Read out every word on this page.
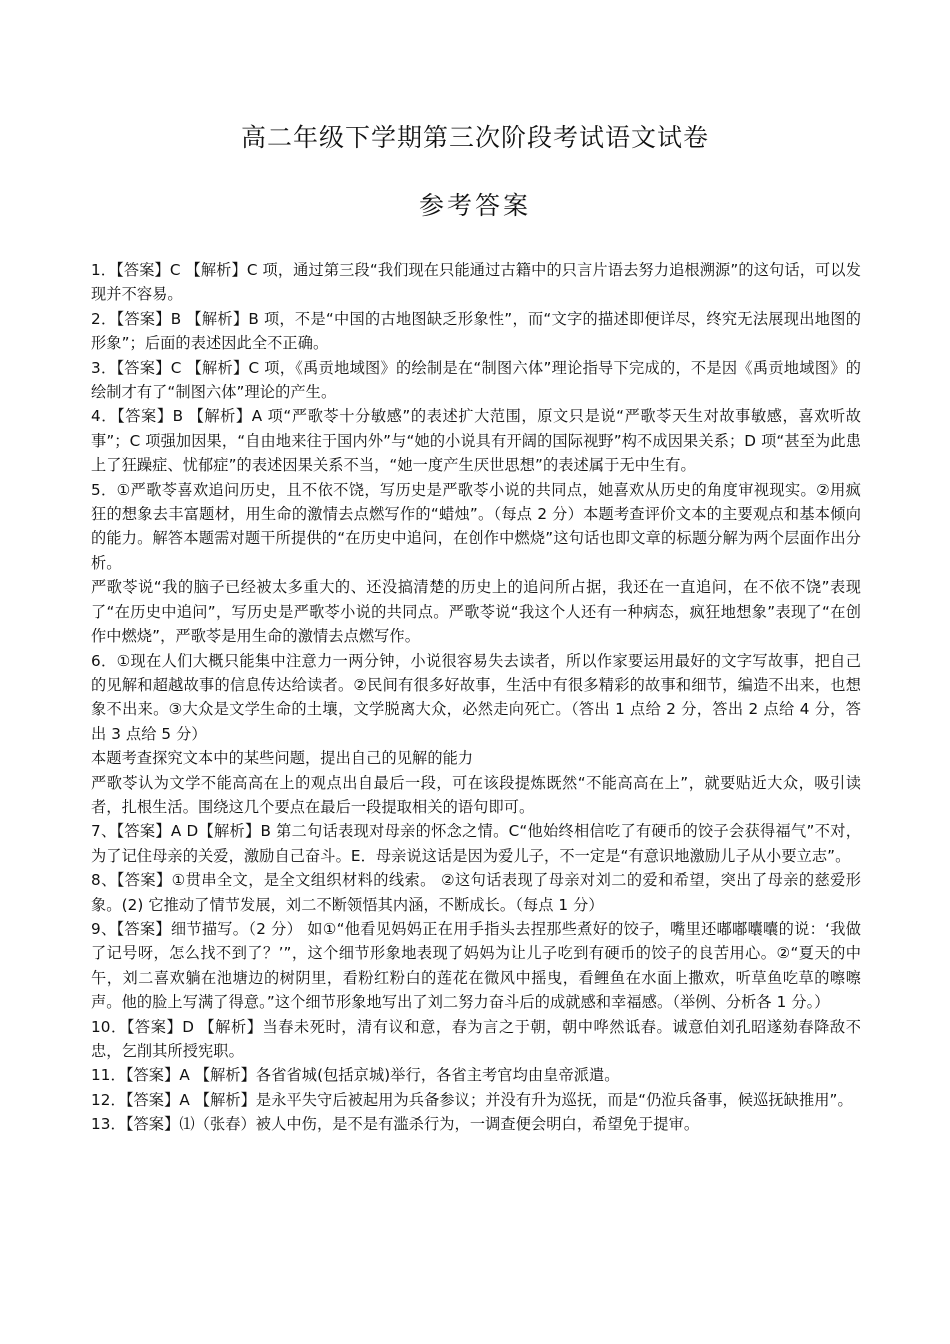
高二年级下学期第三次阶段考试语文试卷
参考答案

1．【答案】C 【解析】C 项，通过第三段“我们现在只能通过古籍中的只言片语去努力追根溯源”的这句话，可以发现并不容易。

2．【答案】B 【解析】B 项，不是“中国的古地图缺乏形象性”，而“文字的描述即便详尽，终究无法展现出地图的形象”；后面的表述因此全不正确。

3．【答案】C 【解析】C 项，《禹贡地域图》的绘制是在“制图六体”理论指导下完成的，不是因《禹贡地域图》的绘制才有了“制图六体”理论的产生。

4．【答案】B 【解析】A 项“严歌苓十分敏感”的表述扩大范围，原文只是说“严歌苓天生对故事敏感，喜欢听故事”；C 项强加因果，“自由地来往于国内外”与“她的小说具有开阔的国际视野”构不成因果关系；D 项“甚至为此患上了狂躁症、忧郁症”的表述因果关系不当，“她一度产生厌世思想”的表述属于无中生有。

5．①严歌苓喜欢追问历史，且不依不饶，写历史是严歌苓小说的共同点，她喜欢从历史的角度审视现实。②用疯狂的想象去丰富题材，用生命的激情去点燃写作的“蜡烛”。（每点 2 分）本题考查评价文本的主要观点和基本倾向的能力。解答本题需对题干所提供的“在历史中追问，在创作中燃烧”这句话也即文章的标题分解为两个层面作出分析。

严歌苓说“我的脑子已经被太多重大的、还没搞清楚的历史上的追问所占据，我还在一直追问，在不依不饶”表现了“在历史中追问”，写历史是严歌苓小说的共同点。严歌苓说“我这个人还有一种病态，疯狂地想象”表现了“在创作中燃烧”，严歌苓是用生命的激情去点燃写作。

6．①现在人们大概只能集中注意力一两分钟，小说很容易失去读者，所以作家要运用最好的文字写故事，把自己的见解和超越故事的信息传达给读者。②民间有很多好故事，生活中有很多精彩的故事和细节，编造不出来，也想象不出来。③大众是文学生命的土壤，文学脱离大众，必然走向死亡。（答出 1 点给 2 分，答出 2 点给 4 分，答出 3 点给 5 分）

本题考查探究文本中的某些问题，提出自己的见解的能力

严歌苓认为文学不能高高在上的观点出自最后一段，可在该段提炼既然“不能高高在上”，就要贴近大众，吸引读者，扎根生活。围绕这几个要点在最后一段提取相关的语句即可。

7、【答案】A D【解析】B 第二句话表现对母亲的怀念之情。C“他始终相信吃了有硬币的饺子会获得福气”不对，为了记住母亲的关爱，激励自己奋斗。E．母亲说这话是因为爱儿子，不一定是“有意识地激励儿子从小要立志”。

8、【答案】①贯串全文，是全文组织材料的线索。 ②这句话表现了母亲对刘二的爱和希望，突出了母亲的慈爱形象。(2) 它推动了情节发展，刘二不断领悟其内涵，不断成长。（每点 1 分）

9、【答案】细节描写。（2 分） 如①“他看见妈妈正在用手指头去捏那些煮好的饺子，嘴里还嘟嘟囔囔的说：‘我做了记号呀，怎么找不到了？’”，这个细节形象地表现了妈妈为让儿子吃到有硬币的饺子的良苦用心。②“夏天的中午，刘二喜欢躺在池塘边的树阴里，看粉红粉白的莲花在微风中摇曳，看鲤鱼在水面上撒欢，听草鱼吃草的嚓嚓声。他的脸上写满了得意。”这个细节形象地写出了刘二努力奋斗后的成就感和幸福感。（举例、分析各 1 分。）

10．【答案】D 【解析】当春未死时，清有议和意，春为言之于朝，朝中哗然诋春。诚意伯刘孔昭遂劾春降敌不忠，乞削其所授宪职。

11．【答案】A 【解析】各省省城(包括京城)举行，各省主考官均由皇帝派遣。

12．【答案】A 【解析】是永平失守后被起用为兵备参议；并没有升为巡抚，而是“仍涖兵备事，候巡抚缺推用”。

13．【答案】⑴（张春）被人中伤，是不是有滥杀行为，一调查便会明白，希望免于提审。
